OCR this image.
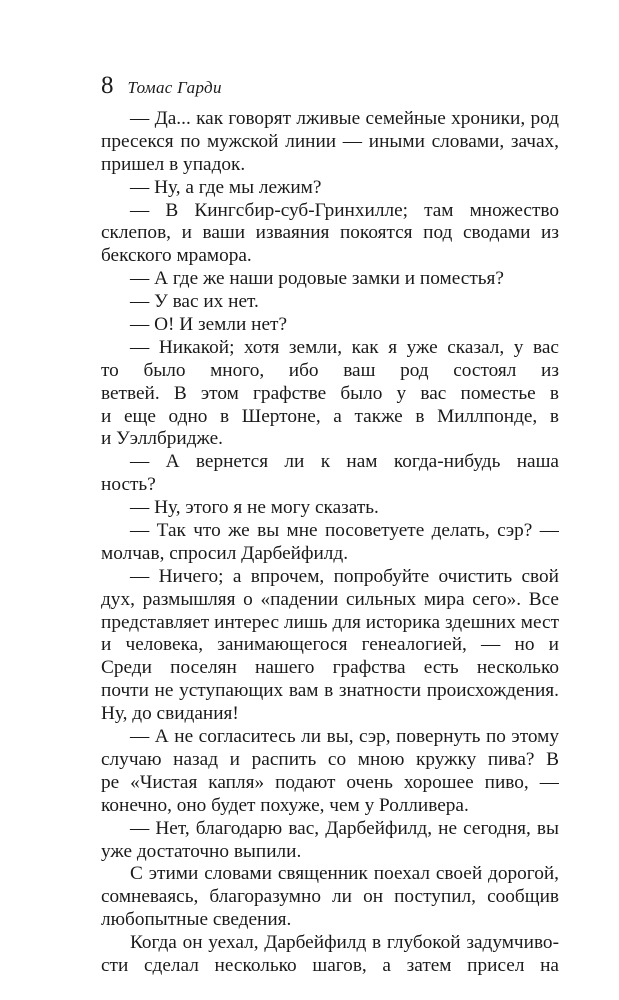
8 Томас Гарди
— Да... как говорят лживые семейные хроники, род
пресекся по мужской линии — иными словами, зачах,
пришел в упадок.
— Ну, а где мы лежим?
— В Кингсбир-суб-Гринхилле; там множество
склепов, и ваши изваяния покоятся под сводами из
бекского мрамора.
— А где же наши родовые замки и поместья?
— У вас их нет.
— О! И земли нет?
— Никакой; хотя земли, как я уже сказал, у вас
то было много, ибо ваш род состоял из
ветвей. В этом графстве было у вас поместье в
и еще одно в Шертоне, а также в Миллпонде, в
и Уэллбридже.
— А вернется ли к нам когда-нибудь наша
ность?
— Ну, этого я не могу сказать.
— Так что же вы мне посоветуете делать, сэр? —
молчав, спросил Дарбейфилд.
— Ничего; а впрочем, попробуйте очистить свой
дух, размышляя о «падении сильных мира сего». Все
представляет интерес лишь для историка здешних мест
и человека, занимающегося генеалогией, — но и
Среди поселян нашего графства есть несколько
почти не уступающих вам в знатности происхождения.
Ну, до свидания!
— А не согласитесь ли вы, сэр, повернуть по этому
случаю назад и распить со мною кружку пива? В
ре «Чистая капля» подают очень хорошее пиво, —
конечно, оно будет похуже, чем у Ролливера.
— Нет, благодарю вас, Дарбейфилд, не сегодня, вы
уже достаточно выпили.
С этими словами священник поехал своей дорогой,
сомневаясь, благоразумно ли он поступил, сообщив
любопытные сведения.
Когда он уехал, Дарбейфилд в глубокой задумчиво-
сти сделал несколько шагов, а затем присел на
